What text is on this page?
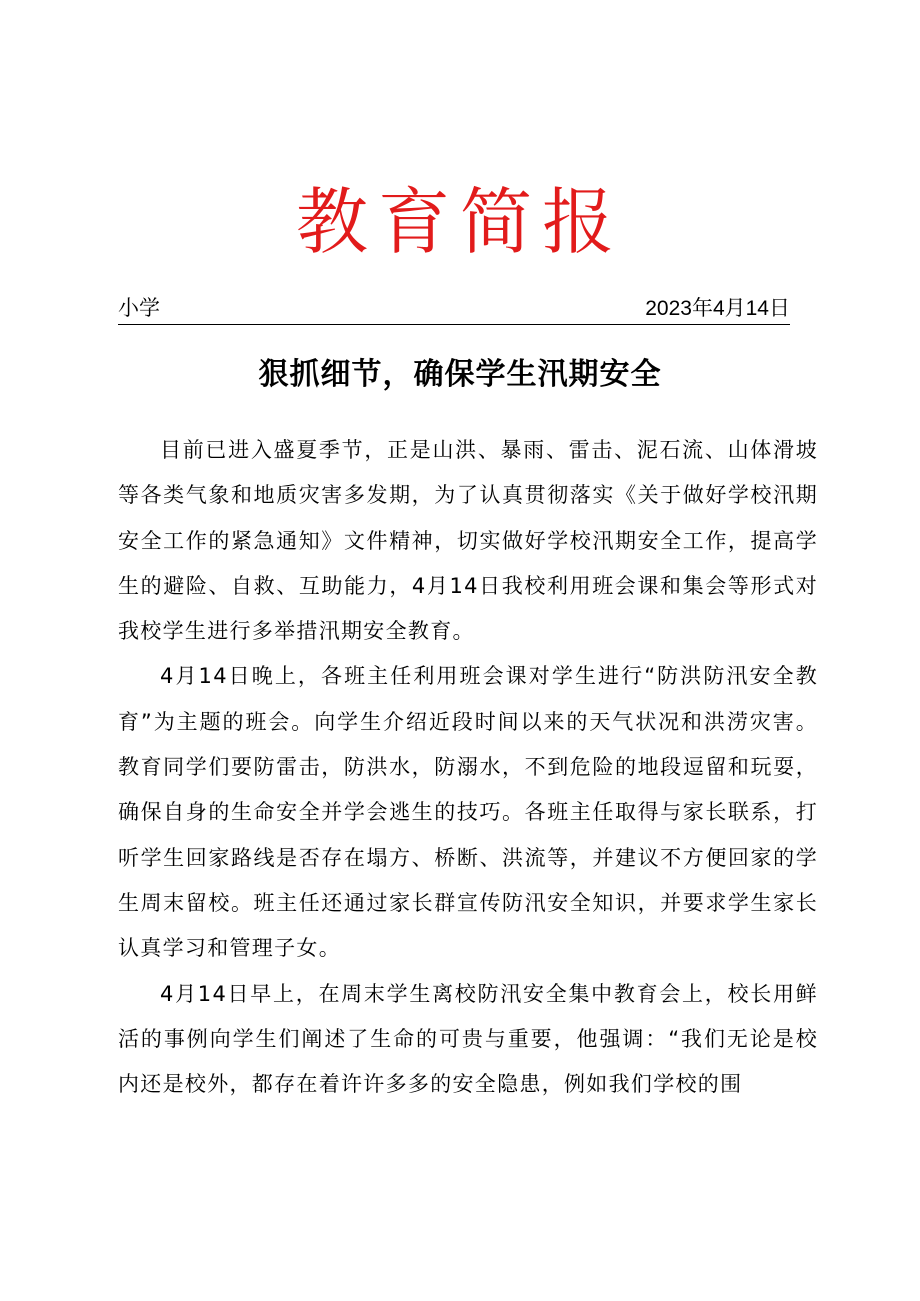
教育简报
小学	2023年4月14日
狠抓细节，确保学生汛期安全

目前已进入盛夏季节，正是山洪、暴雨、雷击、泥石流、山体滑坡等各类气象和地质灾害多发期，为了认真贯彻落实《关于做好学校汛期安全工作的紧急通知》文件精神，切实做好学校汛期安全工作，提高学生的避险、自救、互助能力，4月14日我校利用班会课和集会等形式对我校学生进行多举措汛期安全教育。

4月14日晚上，各班主任利用班会课对学生进行“防洪防汛安全教育”为主题的班会。向学生介绍近段时间以来的天气状况和洪涝灾害。教育同学们要防雷击，防洪水，防溺水，不到危险的地段逗留和玩耍，确保自身的生命安全并学会逃生的技巧。各班主任取得与家长联系，打听学生回家路线是否存在塌方、桥断、洪流等，并建议不方便回家的学生周末留校。班主任还通过家长群宣传防汛安全知识，并要求学生家长认真学习和管理子女。

4月14日早上，在周末学生离校防汛安全集中教育会上，校长用鲜活的事例向学生们阐述了生命的可贵与重要，他强调：“我们无论是校内还是校外，都存在着许许多多的安全隐患，例如我们学校的围
